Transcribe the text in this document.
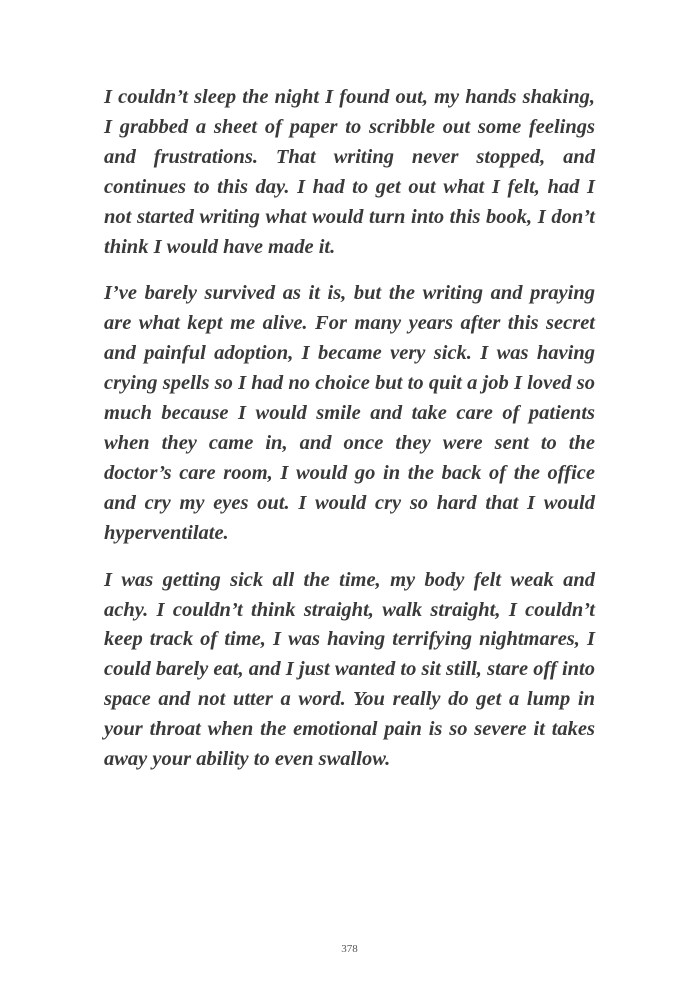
I couldn’t sleep the night I found out, my hands shaking, I grabbed a sheet of paper to scribble out some feelings and frustrations. That writing never stopped, and continues to this day. I had to get out what I felt, had I not started writing what would turn into this book, I don’t think I would have made it.

I’ve barely survived as it is, but the writing and praying are what kept me alive. For many years after this secret and painful adoption, I became very sick. I was having crying spells so I had no choice but to quit a job I loved so much because I would smile and take care of patients when they came in, and once they were sent to the doctor’s care room, I would go in the back of the office and cry my eyes out. I would cry so hard that I would hyperventilate.

I was getting sick all the time, my body felt weak and achy. I couldn’t think straight, walk straight, I couldn’t keep track of time, I was having terrifying nightmares, I could barely eat, and I just wanted to sit still, stare off into space and not utter a word. You really do get a lump in your throat when the emotional pain is so severe it takes away your ability to even swallow.

378
